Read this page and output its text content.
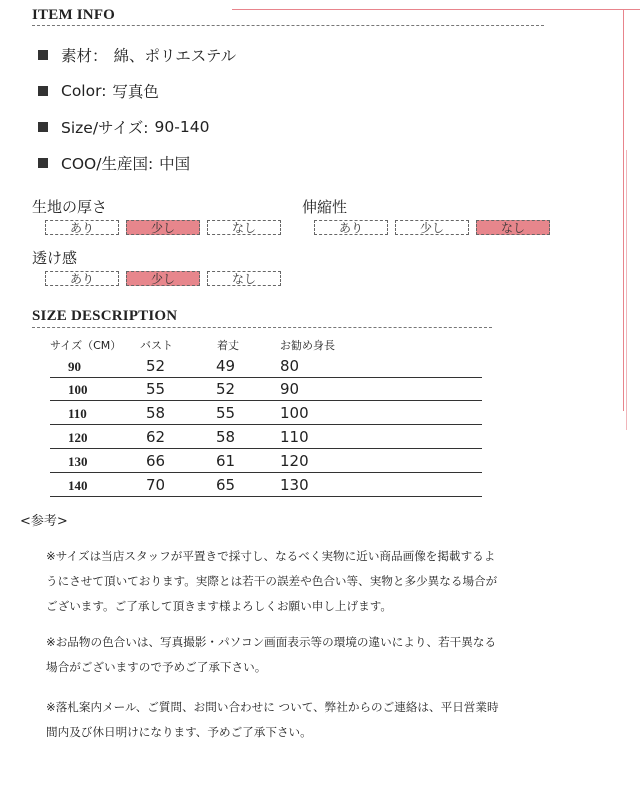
ITEM INFO
素材： 綿、ポリエステル
Color: 写真色
Size/サイズ: 90-140
COO/生産国: 中国
生地の厚さ
あり	少し	なし
伸縮性
あり	少し	なし
透け感
あり	少し	なし
SIZE DESCRIPTION
サイズ（CM） バスト	着丈	お勧め身長
90	52	49	80
100	55	52	90
110	58	55	100
120	62	58	110
130	66	61	120
140	70	65	130
<参考>

※サイズは当店スタッフが平置きで採寸し、なるべく実物に近い商品画像を掲載するよ

うにさせて頂いております。実際とは若干の誤差や色合い等、実物と多少異なる場合が

ございます。ご了承して頂きます様よろしくお願い申し上げます。

※お品物の色合いは、写真撮影・パソコン画面表示等の環境の違いにより、若干異なる

場合がございますので予めご了承下さい。

※落札案内メール、ご質問、お問い合わせに ついて、弊社からのご連絡は、平日営業時

間内及び休日明けになります、予めご了承下さい。
